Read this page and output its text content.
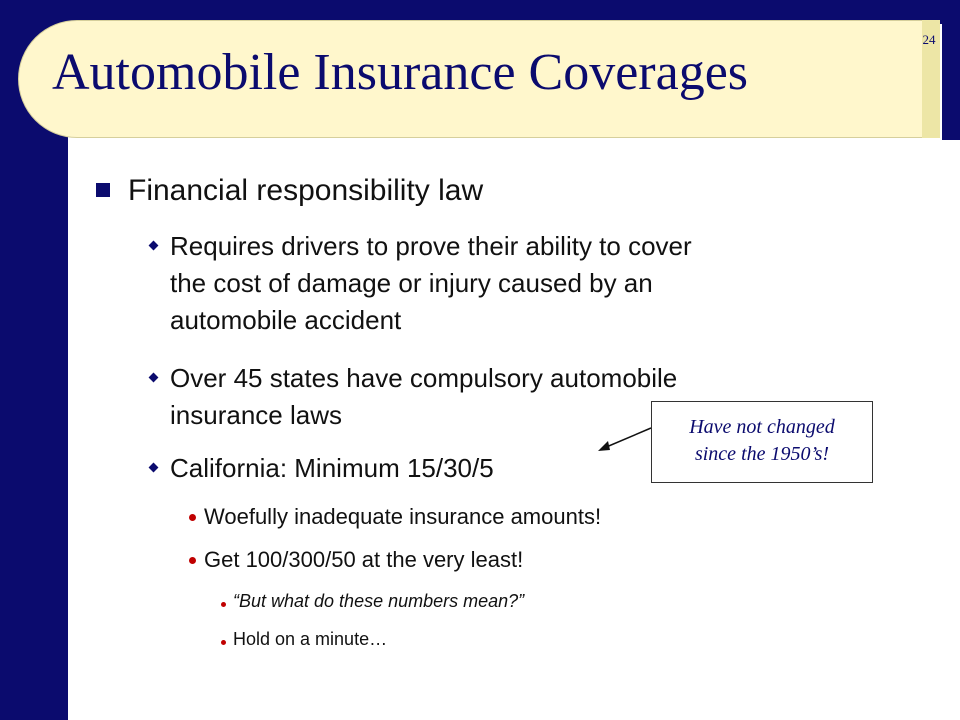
24
Automobile Insurance Coverages

Financial responsibility law

Requires drivers to prove their ability to cover

the cost of damage or injury caused by an

automobile accident

Over 45 states have compulsory automobile

insurance laws

California: Minimum 15/30/5

Woefully inadequate insurance amounts!

Get 100/300/50 at the very least!

“But what do these numbers mean?”

Hold on a minute…

Have not changed
since the 1950’s!
